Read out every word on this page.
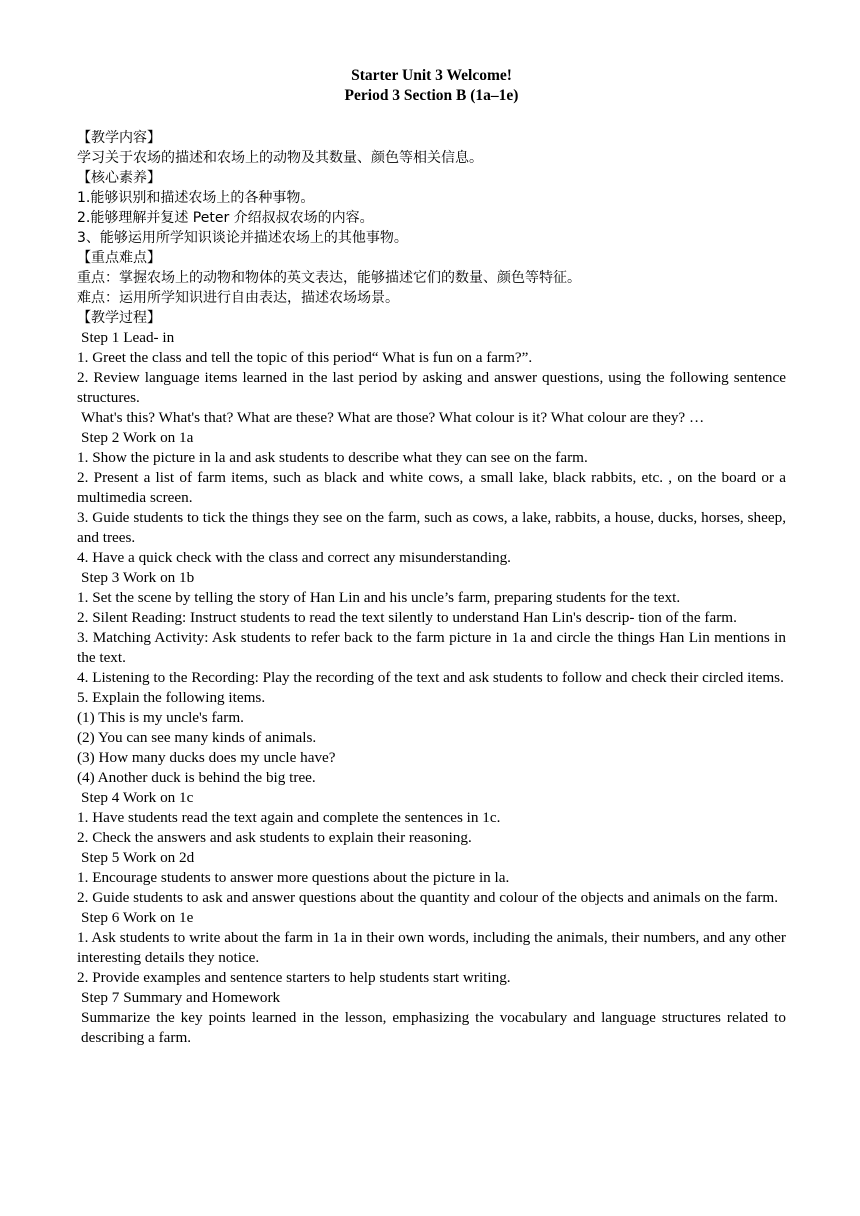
Starter Unit 3 Welcome!
Period 3 Section B (1a–1e)
【教学内容】
学习关于农场的描述和农场上的动物及其数量、颜色等相关信息。
【核心素养】
1.能够识别和描述农场上的各种事物。
2.能够理解并复述 Peter 介绍叔叔农场的内容。
3、能够运用所学知识谈论并描述农场上的其他事物。
【重点难点】
重点：掌握农场上的动物和物体的英文表达，能够描述它们的数量、颜色等特征。
难点：运用所学知识进行自由表达，描述农场场景。
【教学过程】
Step 1 Lead- in
1. Greet the class and tell the topic of this period“ What is fun on a farm?”.
2. Review language items learned in the last period by asking and answer questions, using the following sentence structures.
What's this? What's that? What are these? What are those? What colour is it? What colour are they? …
Step 2 Work on 1a
1. Show the picture in la and ask students to describe what they can see on the farm.
2. Present a list of farm items, such as black and white cows, a small lake, black rabbits, etc. , on the board or a multimedia screen.
3. Guide students to tick the things they see on the farm, such as cows, a lake, rabbits, a house, ducks, horses, sheep, and trees.
4. Have a quick check with the class and correct any misunderstanding.
Step 3 Work on 1b
1. Set the scene by telling the story of Han Lin and his uncle’s farm, preparing students for the text.
2. Silent Reading: Instruct students to read the text silently to understand Han Lin's descrip- tion of the farm.
3. Matching Activity: Ask students to refer back to the farm picture in 1a and circle the things Han Lin mentions in the text.
4. Listening to the Recording: Play the recording of the text and ask students to follow and check their circled items.
5. Explain the following items.
(1) This is my uncle's farm.
(2) You can see many kinds of animals.
(3) How many ducks does my uncle have?
(4) Another duck is behind the big tree.
Step 4 Work on 1c
1. Have students read the text again and complete the sentences in 1c.
2. Check the answers and ask students to explain their reasoning.
Step 5 Work on 2d
1. Encourage students to answer more questions about the picture in la.
2. Guide students to ask and answer questions about the quantity and colour of the objects and animals on the farm.
Step 6 Work on 1e
1. Ask students to write about the farm in 1a in their own words, including the animals, their numbers, and any other interesting details they notice.
2. Provide examples and sentence starters to help students start writing.
Step 7 Summary and Homework
Summarize the key points learned in the lesson, emphasizing the vocabulary and language structures related to describing a farm.
